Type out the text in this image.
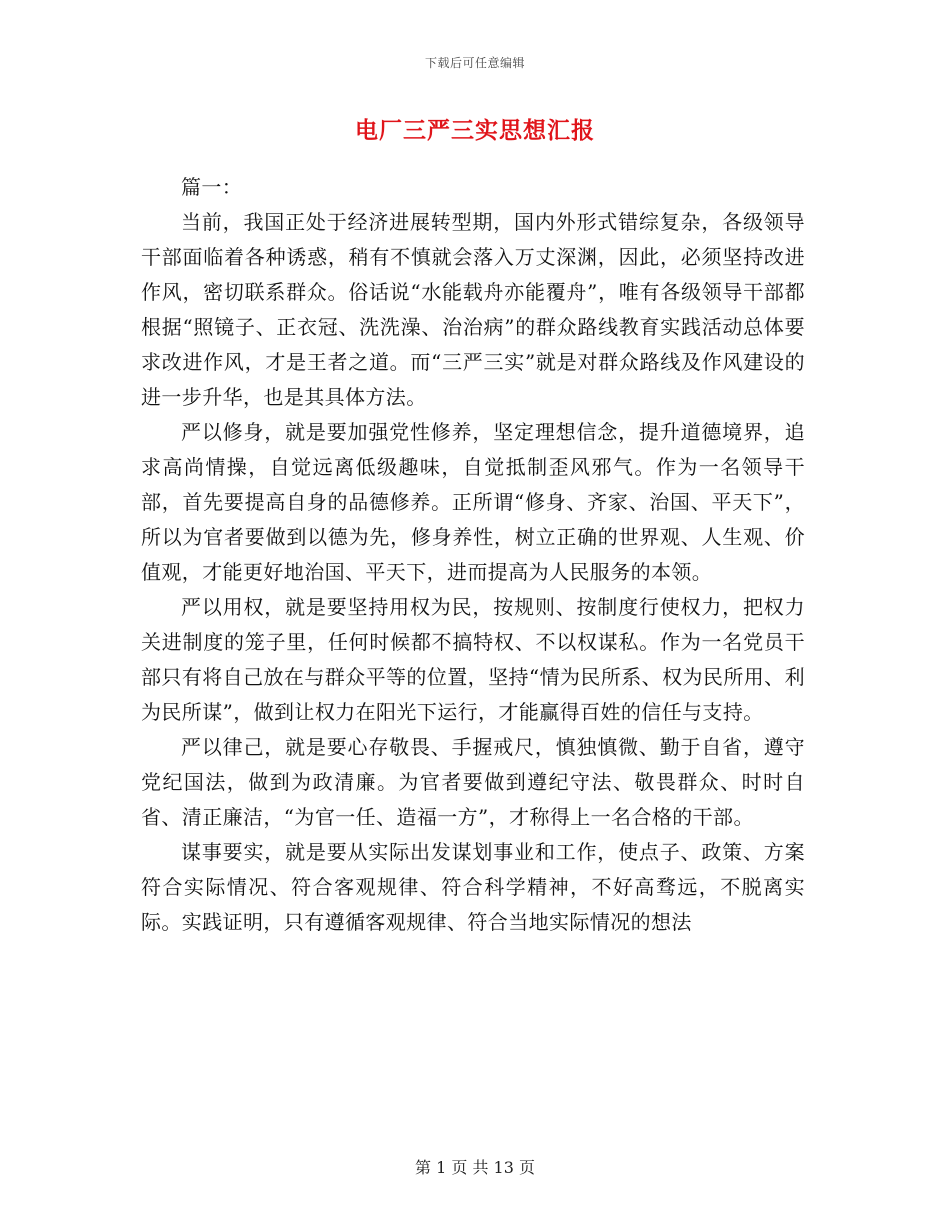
下载后可任意编辑
电厂三严三实思想汇报

篇一：

当前，我国正处于经济进展转型期，国内外形式错综复杂，各级领导干部面临着各种诱惑，稍有不慎就会落入万丈深渊，因此，必须坚持改进作风，密切联系群众。俗话说“水能载舟亦能覆舟”，唯有各级领导干部都根据“照镜子、正衣冠、洗洗澡、治治病”的群众路线教育实践活动总体要求改进作风，才是王者之道。而“三严三实”就是对群众路线及作风建设的进一步升华，也是其具体方法。

严以修身，就是要加强党性修养，坚定理想信念，提升道德境界，追求高尚情操，自觉远离低级趣味，自觉抵制歪风邪气。作为一名领导干部，首先要提高自身的品德修养。正所谓“修身、齐家、治国、平天下”，所以为官者要做到以德为先，修身养性，树立正确的世界观、人生观、价值观，才能更好地治国、平天下，进而提高为人民服务的本领。

严以用权，就是要坚持用权为民，按规则、按制度行使权力，把权力关进制度的笼子里，任何时候都不搞特权、不以权谋私。作为一名党员干部只有将自己放在与群众平等的位置，坚持“情为民所系、权为民所用、利为民所谋”，做到让权力在阳光下运行，才能赢得百姓的信任与支持。

严以律己，就是要心存敬畏、手握戒尺，慎独慎微、勤于自省，遵守党纪国法，做到为政清廉。为官者要做到遵纪守法、敬畏群众、时时自省、清正廉洁，“为官一任、造福一方”，才称得上一名合格的干部。

谋事要实，就是要从实际出发谋划事业和工作，使点子、政策、方案符合实际情况、符合客观规律、符合科学精神，不好高骛远，不脱离实际。实践证明，只有遵循客观规律、符合当地实际情况的想法

第 1 页 共 13 页
